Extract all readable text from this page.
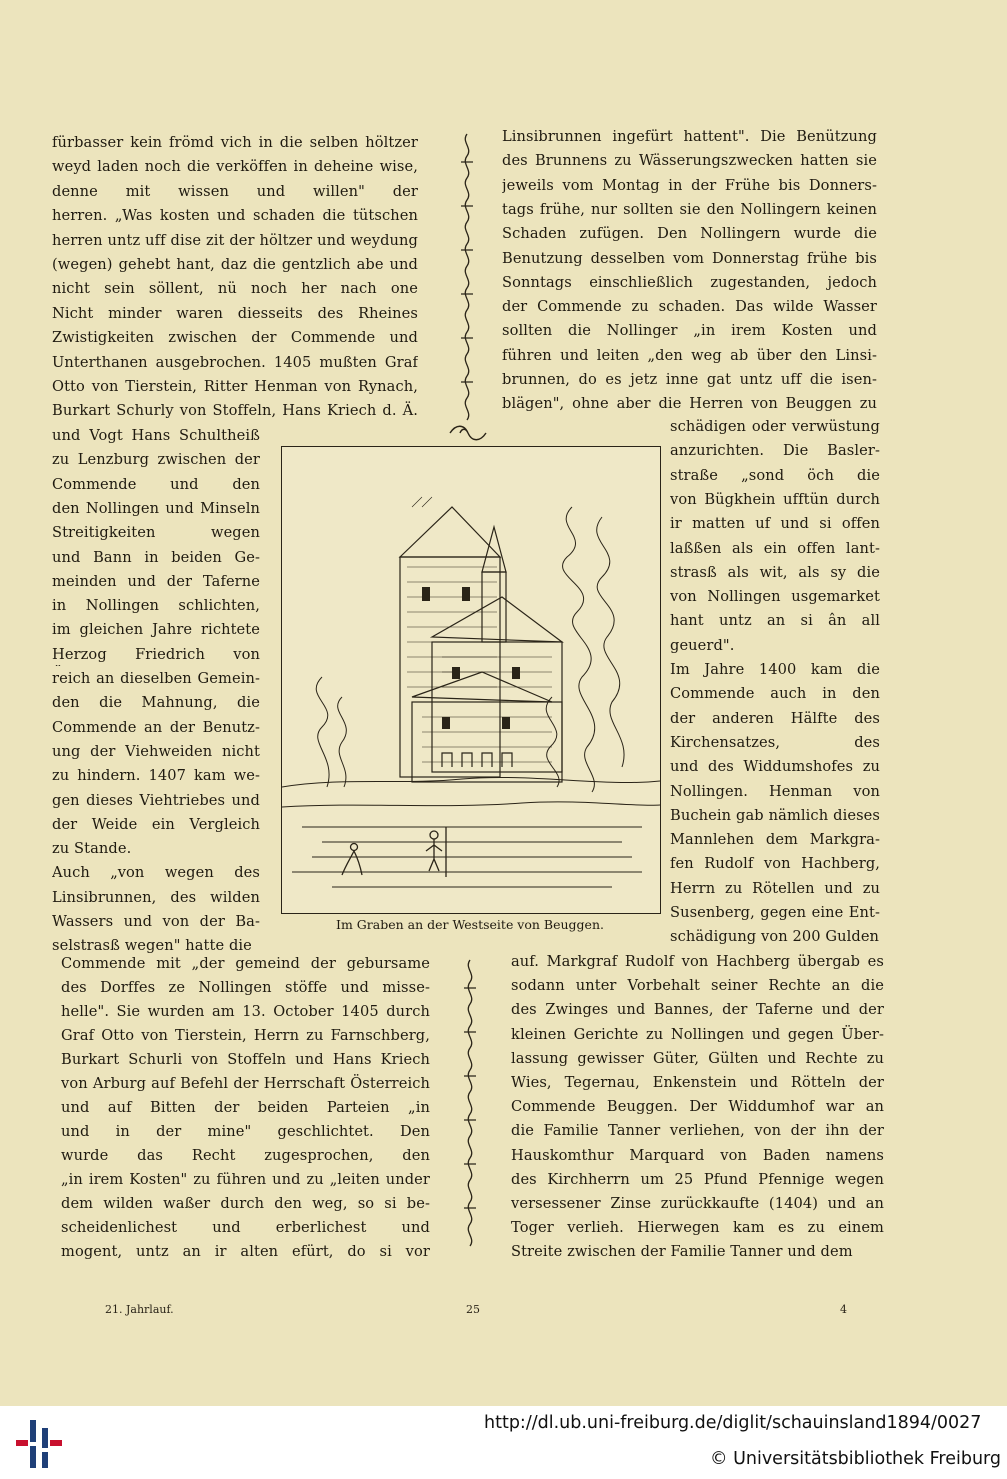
fürbasser kein frömd vich in die selben höltzer

weyd laden noch die verköffen in deheine wise,

denne mit wissen und willen" der

herren. „Was kosten und schaden die tütschen

herren untz uff dise zit der höltzer und weydung

(wegen) gehebt hant, daz die gentzlich abe und

nicht sein söllent, nü noch her nach one

Nicht minder waren diesseits des Rheines

Zwistigkeiten zwischen der Commende und

Unterthanen ausgebrochen. 1405 mußten Graf

Otto von Tierstein, Ritter Henman von Rynach,

Burkart Schurly von Stoffeln, Hans Kriech d. Ä.

und Vogt Hans Schultheiß

zu Lenzburg zwischen der

Commende und den

den Nollingen und Minseln

Streitigkeiten wegen

und Bann in beiden Ge-

meinden und der Taferne

in Nollingen schlichten,

im gleichen Jahre richtete

Herzog Friedrich von

reich an dieselben Gemein-

den die Mahnung, die

Commende an der Benutz-

ung der Viehweiden nicht

zu hindern. 1407 kam we-

gen dieses Viehtriebes und

der Weide ein Vergleich

zu Stande.

Auch „von wegen des

Linsibrunnen, des wilden

Wassers und von der Ba-

selstrasß wegen" hatte die

Commende mit „der gemeind der gebursame

des Dorffes ze Nollingen stöffe und misse-

helle". Sie wurden am 13. October 1405 durch

Graf Otto von Tierstein, Herrn zu Farnschberg,

Burkart Schurli von Stoffeln und Hans Kriech

von Arburg auf Befehl der Herrschaft Österreich

und auf Bitten der beiden Parteien „in

und in der mine" geschlichtet. Den

wurde das Recht zugesprochen, den

„in irem Kosten" zu führen und zu „leiten under

dem wilden waßer durch den weg, so si be-

scheidenlichest und erberlichest und

mogent, untz an ir alten efürt, do si vor

Linsibrunnen ingefürt hattent". Die Benützung

des Brunnens zu Wässerungszwecken hatten sie

jeweils vom Montag in der Frühe bis Donners-

tags frühe, nur sollten sie den Nollingern keinen

Schaden zufügen. Den Nollingern wurde die

Benutzung desselben vom Donnerstag frühe bis

Sonntags einschließlich zugestanden, jedoch

der Commende zu schaden. Das wilde Wasser

sollten die Nollinger „in irem Kosten und

führen und leiten „den weg ab über den Linsi-

brunnen, do es jetz inne gat untz uff die isen-

blägen", ohne aber die Herren von Beuggen zu

schädigen oder verwüstung

anzurichten. Die Basler-

straße „sond öch die

von Bügkhein ufftün durch

ir matten uf und si offen

laßßen als ein offen lant-

strasß als wit, als sy die

von Nollingen usgemarket

hant untz an si ân all

geuerd".

Im Jahre 1400 kam die

Commende auch in den

der anderen Hälfte des

Kirchensatzes, des

und des Widdumshofes zu

Nollingen. Henman von

Buchein gab nämlich dieses

Mannlehen dem Markgra-

fen Rudolf von Hachberg,

Herrn zu Rötellen und zu

Susenberg, gegen eine Ent-

schädigung von 200 Gulden

auf. Markgraf Rudolf von Hachberg übergab es

sodann unter Vorbehalt seiner Rechte an die

des Zwinges und Bannes, der Taferne und der

kleinen Gerichte zu Nollingen und gegen Über-

lassung gewisser Güter, Gülten und Rechte zu

Wies, Tegernau, Enkenstein und Rötteln der

Commende Beuggen. Der Widdumhof war an

die Familie Tanner verliehen, von der ihn der

Hauskomthur Marquard von Baden namens

des Kirchherrn um 25 Pfund Pfennige wegen

versessener Zinse zurückkaufte (1404) und an

Toger verlieh. Hierwegen kam es zu einem

Streite zwischen der Familie Tanner und dem

Im Graben an der Westseite von Beuggen.
21. Jahrlauf.	25	4
http://dl.ub.uni-freiburg.de/diglit/schauinsland1894/0027
© Universitätsbibliothek Freiburg
